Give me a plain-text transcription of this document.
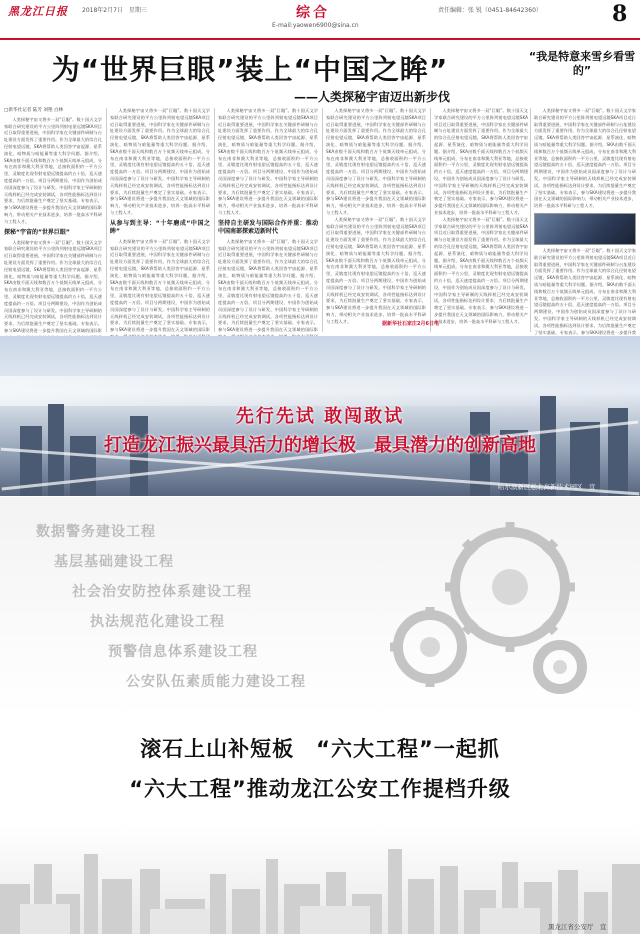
黑龙江日报 2018年2月7日　星期三	综合
E-mail:yaowen6900@sina.cn
责任编辑：张 锐（0451-84642360）	8
为“世界巨眼”装上“中国之眸”
——人类探秘宇宙迈出新步伐
“我是特意来雪乡看雪的”

□新华社记者 陆芳 刘艳 白林

人类探秘宇宙又将多一双“巨眼”。数十国天文学家联合研究建设的平方公里阵列射电望远镜SKA项目近日取得重要进展，中国科学家在关键部件研制与台址建设方面发挥了重要作用。作为全球最大的综合孔径射电望远镜，SKA将帮助人类回答宇宙起源、星系演化、暗物质与暗能量等重大科学问题。据介绍，SKA由数千面天线和数百万个低频天线单元组成，分布在南非和澳大利亚等地，总接收面积约一平方公里，灵敏度比现有射电望远镜提高约五十倍，巡天速度提高约一万倍。项目分两期建设，中国作为创始成员国深度参与了设计与研发。中国科学家主导研制的天线样机已经完成安装调试，各项性能指标达到设计要求，为后续批量生产奠定了坚实基础。专家表示，参与SKA建设将进一步提升我国在天文领域的国际影响力，带动相关产业技术进步，培养一批高水平科研与工程人才。

探秘“宇宙的”世界巨眼”

人类探秘宇宙又将多一双“巨眼”。数十国天文学家联合研究建设的平方公里阵列射电望远镜SKA项目近日取得重要进展，中国科学家在关键部件研制与台址建设方面发挥了重要作用。作为全球最大的综合孔径射电望远镜，SKA将帮助人类回答宇宙起源、星系演化、暗物质与暗能量等重大科学问题。据介绍，SKA由数千面天线和数百万个低频天线单元组成，分布在南非和澳大利亚等地，总接收面积约一平方公里，灵敏度比现有射电望远镜提高约五十倍，巡天速度提高约一万倍。项目分两期建设，中国作为创始成员国深度参与了设计与研发。中国科学家主导研制的天线样机已经完成安装调试，各项性能指标达到设计要求，为后续批量生产奠定了坚实基础。专家表示，参与SKA建设将进一步提升我国在天文领域的国际影

人类探秘宇宙又将多一双“巨眼”。数十国天文学家联合研究建设的平方公里阵列射电望远镜SKA项目近日取得重要进展，中国科学家在关键部件研制与台址建设方面发挥了重要作用。作为全球最大的综合孔径射电望远镜，SKA将帮助人类回答宇宙起源、星系演化、暗物质与暗能量等重大科学问题。据介绍，SKA由数千面天线和数百万个低频天线单元组成，分布在南非和澳大利亚等地，总接收面积约一平方公里，灵敏度比现有射电望远镜提高约五十倍，巡天速度提高约一万倍。项目分两期建设，中国作为创始成员国深度参与了设计与研发。中国科学家主导研制的天线样机已经完成安装调试，各项性能指标达到设计要求，为后续批量生产奠定了坚实基础。专家表示，参与SKA建设将进一步提升我国在天文领域的国际影响力，带动相关产业技术进步，培养一批高水平科研与工程人才。

从参与到主导：“十年磨成“中国之眸”

人类探秘宇宙又将多一双“巨眼”。数十国天文学家联合研究建设的平方公里阵列射电望远镜SKA项目近日取得重要进展，中国科学家在关键部件研制与台址建设方面发挥了重要作用。作为全球最大的综合孔径射电望远镜，SKA将帮助人类回答宇宙起源、星系演化、暗物质与暗能量等重大科学问题。据介绍，SKA由数千面天线和数百万个低频天线单元组成，分布在南非和澳大利亚等地，总接收面积约一平方公里，灵敏度比现有射电望远镜提高约五十倍，巡天速度提高约一万倍。项目分两期建设，中国作为创始成员国深度参与了设计与研发。中国科学家主导研制的天线样机已经完成安装调试，各项性能指标达到设计要求，为后续批量生产奠定了坚实基础。专家表示，参与SKA建设将进一步提升我国在天文领域的国际影

人类探秘宇宙又将多一双“巨眼”。数十国天文学家联合研究建设的平方公里阵列射电望远镜SKA项目近日取得重要进展，中国科学家在关键部件研制与台址建设方面发挥了重要作用。作为全球最大的综合孔径射电望远镜，SKA将帮助人类回答宇宙起源、星系演化、暗物质与暗能量等重大科学问题。据介绍，SKA由数千面天线和数百万个低频天线单元组成，分布在南非和澳大利亚等地，总接收面积约一平方公里，灵敏度比现有射电望远镜提高约五十倍，巡天速度提高约一万倍。项目分两期建设，中国作为创始成员国深度参与了设计与研发。中国科学家主导研制的天线样机已经完成安装调试，各项性能指标达到设计要求，为后续批量生产奠定了坚实基础。专家表示，参与SKA建设将进一步提升我国在天文领域的国际影响力，带动相关产业技术进步，培养一批高水平科研与工程人才。

坚持自主研发与国际合作并重：推动中国南部探索迈新时代

人类探秘宇宙又将多一双“巨眼”。数十国天文学家联合研究建设的平方公里阵列射电望远镜SKA项目近日取得重要进展，中国科学家在关键部件研制与台址建设方面发挥了重要作用。作为全球最大的综合孔径射电望远镜，SKA将帮助人类回答宇宙起源、星系演化、暗物质与暗能量等重大科学问题。据介绍，SKA由数千面天线和数百万个低频天线单元组成，分布在南非和澳大利亚等地，总接收面积约一平方公里，灵敏度比现有射电望远镜提高约五十倍，巡天速度提高约一万倍。项目分两期建设，中国作为创始成员国深度参与了设计与研发。中国科学家主导研制的天线样机已经完成安装调试，各项性能指标达到设计要求，为后续批量生产奠定了坚实基础。专家表示，参与SKA建设将进一步提升我国在天文领域的国际影

人类探秘宇宙又将多一双“巨眼”。数十国天文学家联合研究建设的平方公里阵列射电望远镜SKA项目近日取得重要进展，中国科学家在关键部件研制与台址建设方面发挥了重要作用。作为全球最大的综合孔径射电望远镜，SKA将帮助人类回答宇宙起源、星系演化、暗物质与暗能量等重大科学问题。据介绍，SKA由数千面天线和数百万个低频天线单元组成，分布在南非和澳大利亚等地，总接收面积约一平方公里，灵敏度比现有射电望远镜提高约五十倍，巡天速度提高约一万倍。项目分两期建设，中国作为创始成员国深度参与了设计与研发。中国科学家主导研制的天线样机已经完成安装调试，各项性能指标达到设计要求，为后续批量生产奠定了坚实基础。专家表示，参与SKA建设将进一步提升我国在天文领域的国际影响力，带动相关产业技术进步，培养一批高水平科研与工程人才。

人类探秘宇宙又将多一双“巨眼”。数十国天文学家联合研究建设的平方公里阵列射电望远镜SKA项目近日取得重要进展，中国科学家在关键部件研制与台址建设方面发挥了重要作用。作为全球最大的综合孔径射电望远镜，SKA将帮助人类回答宇宙起源、星系演化、暗物质与暗能量等重大科学问题。据介绍，SKA由数千面天线和数百万个低频天线单元组成，分布在南非和澳大利亚等地，总接收面积约一平方公里，灵敏度比现有射电望远镜提高约五十倍，巡天速度提高约一万倍。项目分两期建设，中国作为创始成员国深度参与了设计与研发。中国科学家主导研制的天线样机已经完成安装调试，各项性能指标达到设计要求，为后续批量生产奠定了坚实基础。专家表示，参与SKA建设将进一步提升我国在天文领域的国际影响力，带动相关产业技术进步，培养一批高水平科研与工程人才。

人类探秘宇宙又将多一双“巨眼”。数十国天文学家联合研究建设的平方公里阵列射电望远镜SKA项目近日取得重要进展，中国科学家在关键部件研制与台址建设方面发挥了重要作用。作为全球最大的综合孔径射电望远镜，SKA将帮助人类回答宇宙起源、星系演化、暗物质与暗能量等重大科学问题。据介绍，SKA由数千面天线和数百万个低频天线单元组成，分布在南非和澳大利亚等地，总接收面积约一平方公里，灵敏度比现有射电望远镜提高约五十倍，巡天速度提高约一万倍。项目分两期建设，中国作为创始成员国深度参与了设计与研发。中国科学家主导研制的天线样机已经完成安装调试，各项性能指标达到设计要求，为后续批量生产奠定了坚实基础。专家表示，参与SKA建设将进一步提升我国在天文领域的国际影响力，带动相关产业技术进步，培养一批高水平科研与工程人才。

人类探秘宇宙又将多一双“巨眼”。数十国天文学家联合研究建设的平方公里阵列射电望远镜SKA项目近日取得重要进展，中国科学家在关键部件研制与台址建设方面发挥了重要作用。作为全球最大的综合孔径射电望远镜，SKA将帮助人类回答宇宙起源、星系演化、暗物质与暗能量等重大科学问题。据介绍，SKA由数千面天线和数百万个低频天线单元组成，分布在南非和澳大利亚等地，总接收面积约一平方公里，灵敏度比现有射电望远镜提高约五十倍，巡天速度提高约一万倍。项目分两期建设，中国作为创始成员国深度参与了设计与研发。中国科学家主导研制的天线样机已经完成安装调试，各项性能指标达到设计要求，为后续批量生产奠定了坚实基础。专家表示，参与SKA建设将进一步提升我国在天文领域的国际影响力，带动相关产业技术进步，培养一批高水平科研与工程人才。

人类探秘宇宙又将多一双“巨眼”。数十国天文学家联合研究建设的平方公里阵列射电望远镜SKA项目近日取得重要进展，中国科学家在关键部件研制与台址建设方面发挥了重要作用。作为全球最大的综合孔径射电望远镜，SKA将帮助人类回答宇宙起源、星系演化、暗物质与暗能量等重大科学问题。据介绍，SKA由数千面天线和数百万个低频天线单元组成，分布在南非和澳大利亚等地，总接收面积约一平方公里，灵敏度比现有射电望远镜提高约五十倍，巡天速度提高约一万倍。项目分两期建设，中国作为创始成员国深度参与了设计与研发。中国科学家主导研制的天线样机已经完成安装调试，各项性能指标达到设计要求，为后续批量生产奠定了坚实基础。专家表示，参与SKA建设将进一步提升我国在天文领域的国际影响力，带动相关产业技术进步，培养一批高水平科研与工程人才。

人类探秘宇宙又将多一双“巨眼”。数十国天文学家联合研究建设的平方公里阵列射电望远镜SKA项目近日取得重要进展，中国科学家在关键部件研制与台址建设方面发挥了重要作用。作为全球最大的综合孔径射电望远镜，SKA将帮助人类回答宇宙起源、星系演化、暗物质与暗能量等重大科学问题。据介绍，SKA由数千面天线和数百万个低频天线单元组成，分布在南非和澳大利亚等地，总接收面积约一平方公里，灵敏度比现有射电望远镜提高约五十倍，巡天速度提高约一万倍。项目分两期建设，中国作为创始成员国深度参与了设计与研发。中国科学家主导研制的天线样机已经完成安装调试，各项性能指标达到设计要求，为后续批量生产奠定了坚实基础。专家表示，参与SKA建设将进一步提升我

据新华社石家庄2月6日电
先行先试 敢闯敢试
打造龙江振兴最具活力的增长极　最具潜力的创新高地
哈尔滨新区松北高新技术园区　宣
数据警务建设工程
基层基础建设工程
社会治安防控体系建设工程
执法规范化建设工程
预警信息体系建设工程
公安队伍素质能力建设工程
滚石上山补短板　“六大工程”一起抓
“六大工程”推动龙江公安工作提档升级
黑龙江省公安厅　宣
